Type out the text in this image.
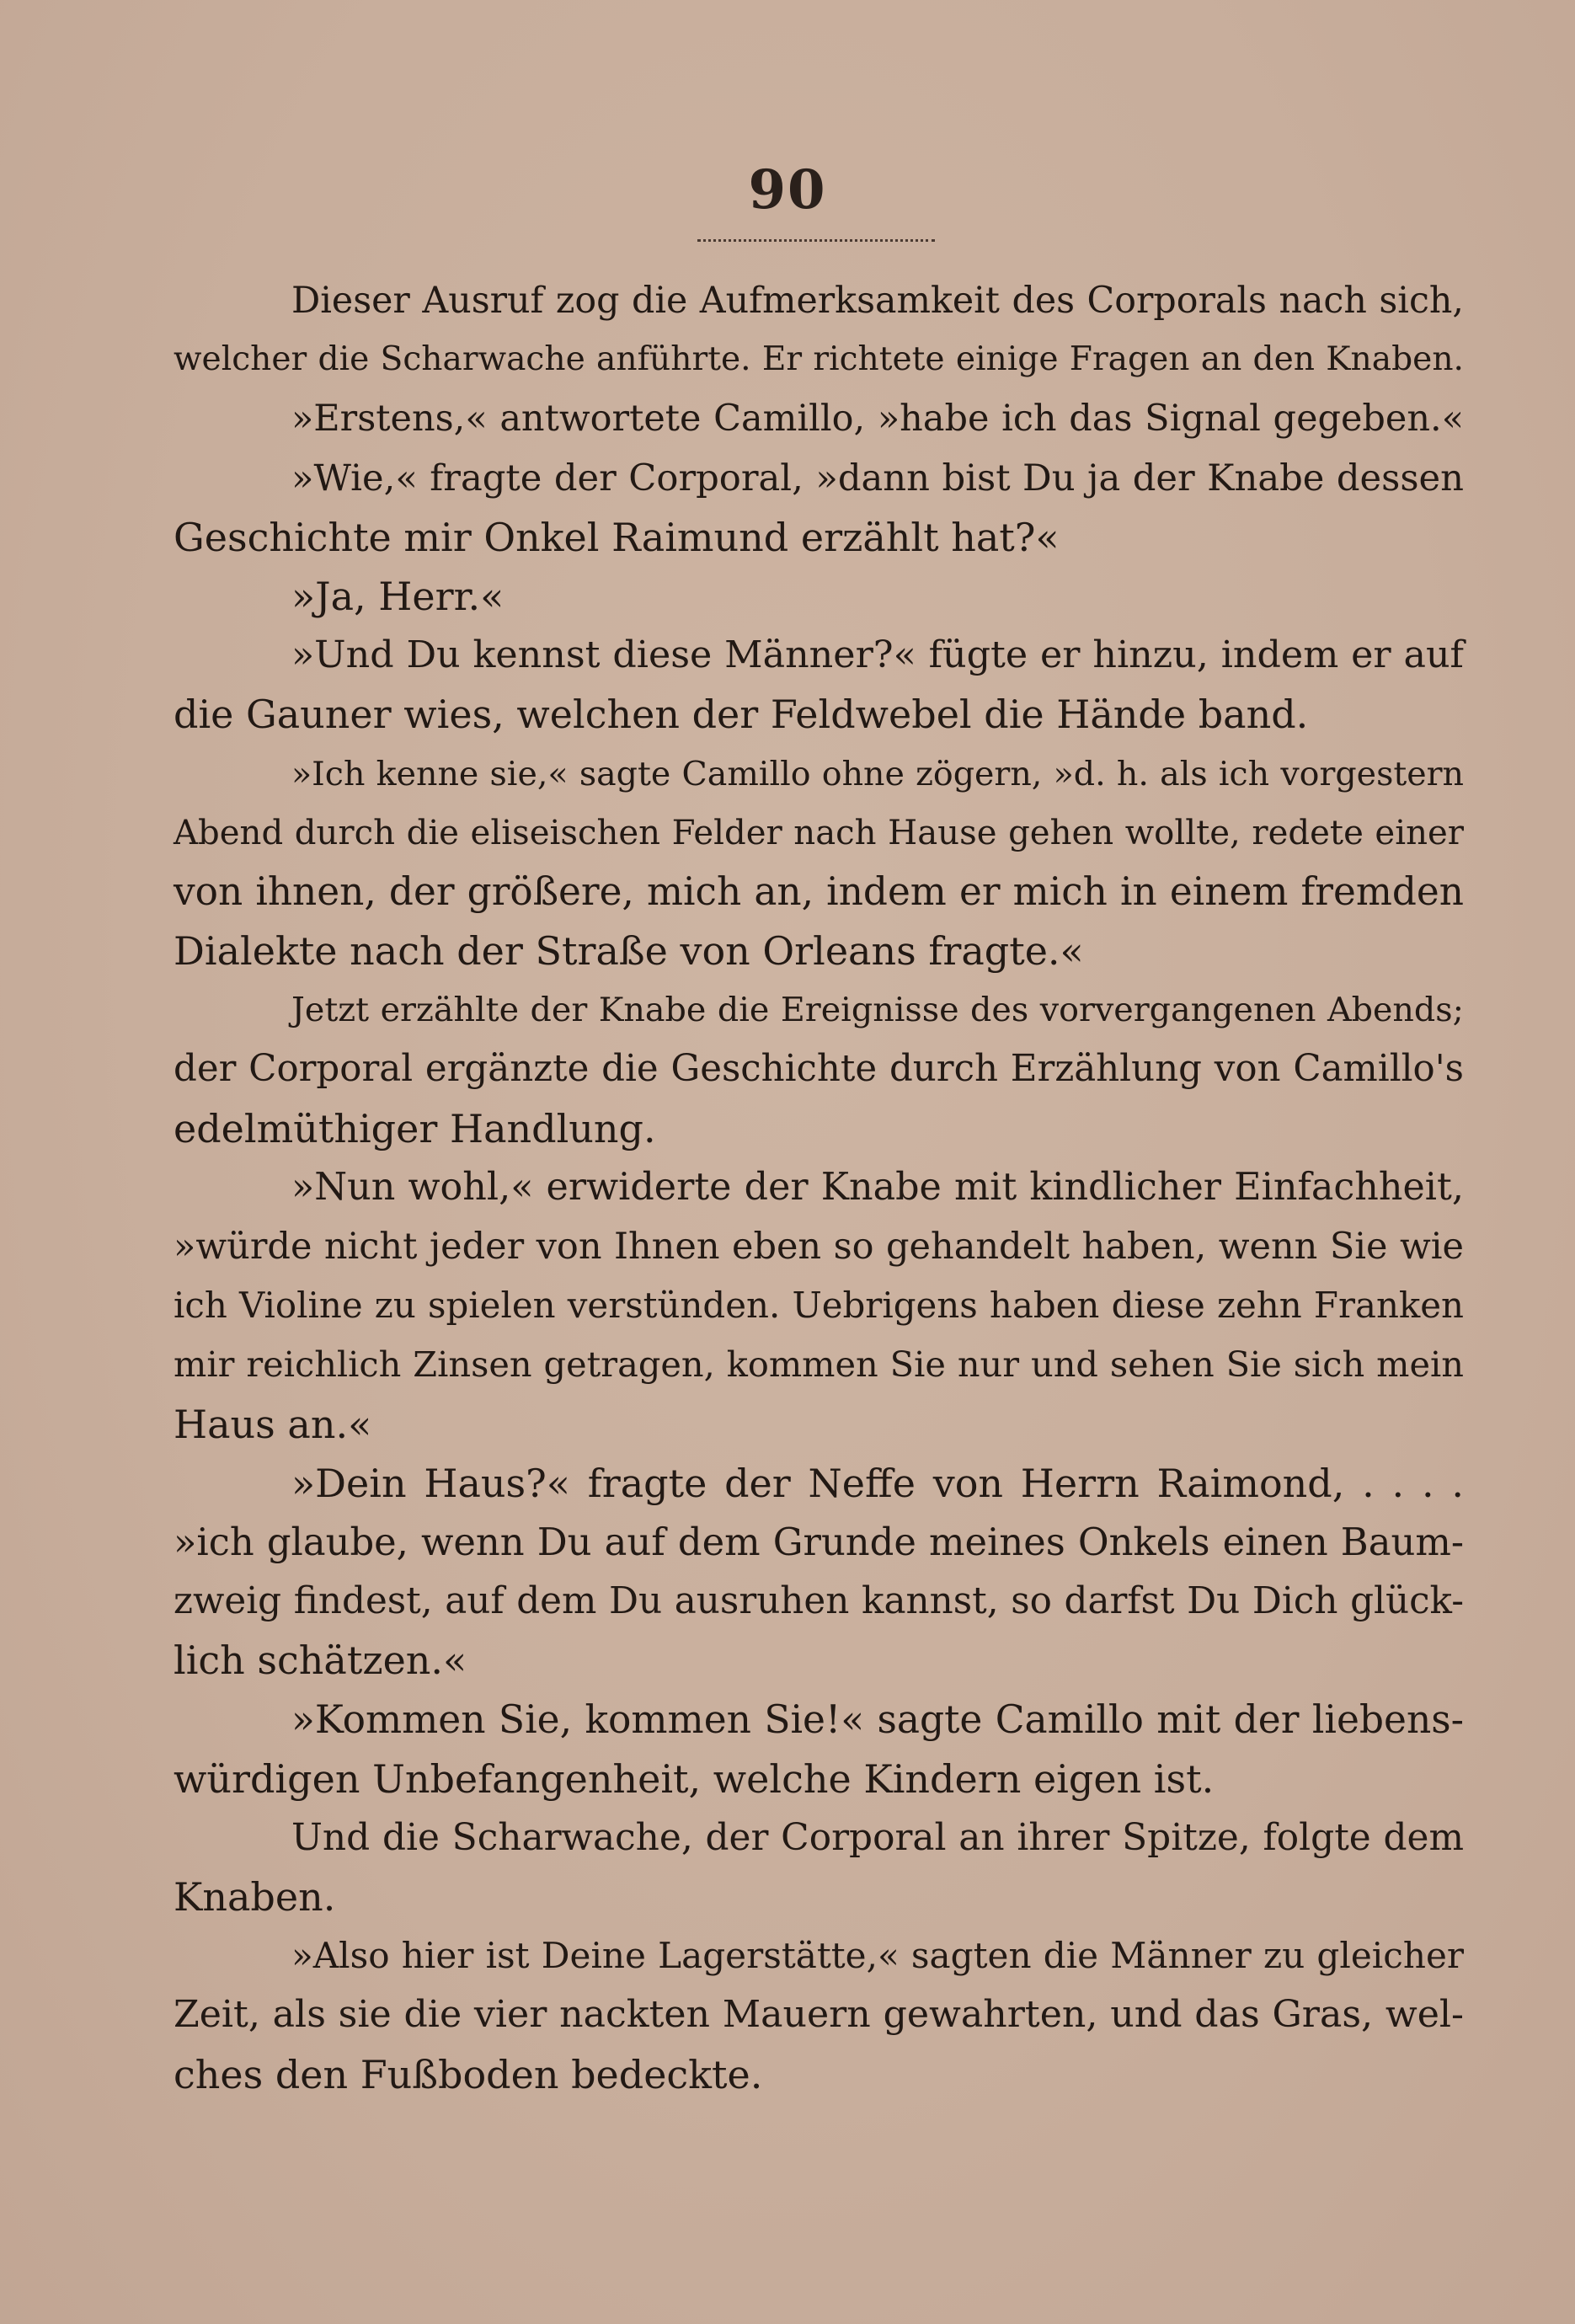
90
Dieser Ausruf zog die Aufmerksamkeit des Corporals nach sich,
welcher die Scharwache anführte. Er richtete einige Fragen an den Knaben.
»Erstens,« antwortete Camillo, »habe ich das Signal gegeben.«
»Wie,« fragte der Corporal, »dann bist Du ja der Knabe dessen
Geschichte mir Onkel Raimund erzählt hat?«
»Ja, Herr.«
»Und Du kennst diese Männer?« fügte er hinzu, indem er auf
die Gauner wies, welchen der Feldwebel die Hände band.
»Ich kenne sie,« sagte Camillo ohne zögern, »d. h. als ich vorgestern
Abend durch die eliseischen Felder nach Hause gehen wollte, redete einer
von ihnen, der größere, mich an, indem er mich in einem fremden
Dialekte nach der Straße von Orleans fragte.«
Jetzt erzählte der Knabe die Ereignisse des vorvergangenen Abends;
der Corporal ergänzte die Geschichte durch Erzählung von Camillo's
edelmüthiger Handlung.
»Nun wohl,« erwiderte der Knabe mit kindlicher Einfachheit,
»würde nicht jeder von Ihnen eben so gehandelt haben, wenn Sie wie
ich Violine zu spielen verstünden. Uebrigens haben diese zehn Franken
mir reichlich Zinsen getragen, kommen Sie nur und sehen Sie sich mein
Haus an.«
»Dein Haus?« fragte der Neffe von Herrn Raimond, . . . .
»ich glaube, wenn Du auf dem Grunde meines Onkels einen Baum-
zweig findest, auf dem Du ausruhen kannst, so darfst Du Dich glück-
lich schätzen.«
»Kommen Sie, kommen Sie!« sagte Camillo mit der liebens-
würdigen Unbefangenheit, welche Kindern eigen ist.
Und die Scharwache, der Corporal an ihrer Spitze, folgte dem
Knaben.
»Also hier ist Deine Lagerstätte,« sagten die Männer zu gleicher
Zeit, als sie die vier nackten Mauern gewahrten, und das Gras, wel-
ches den Fußboden bedeckte.
